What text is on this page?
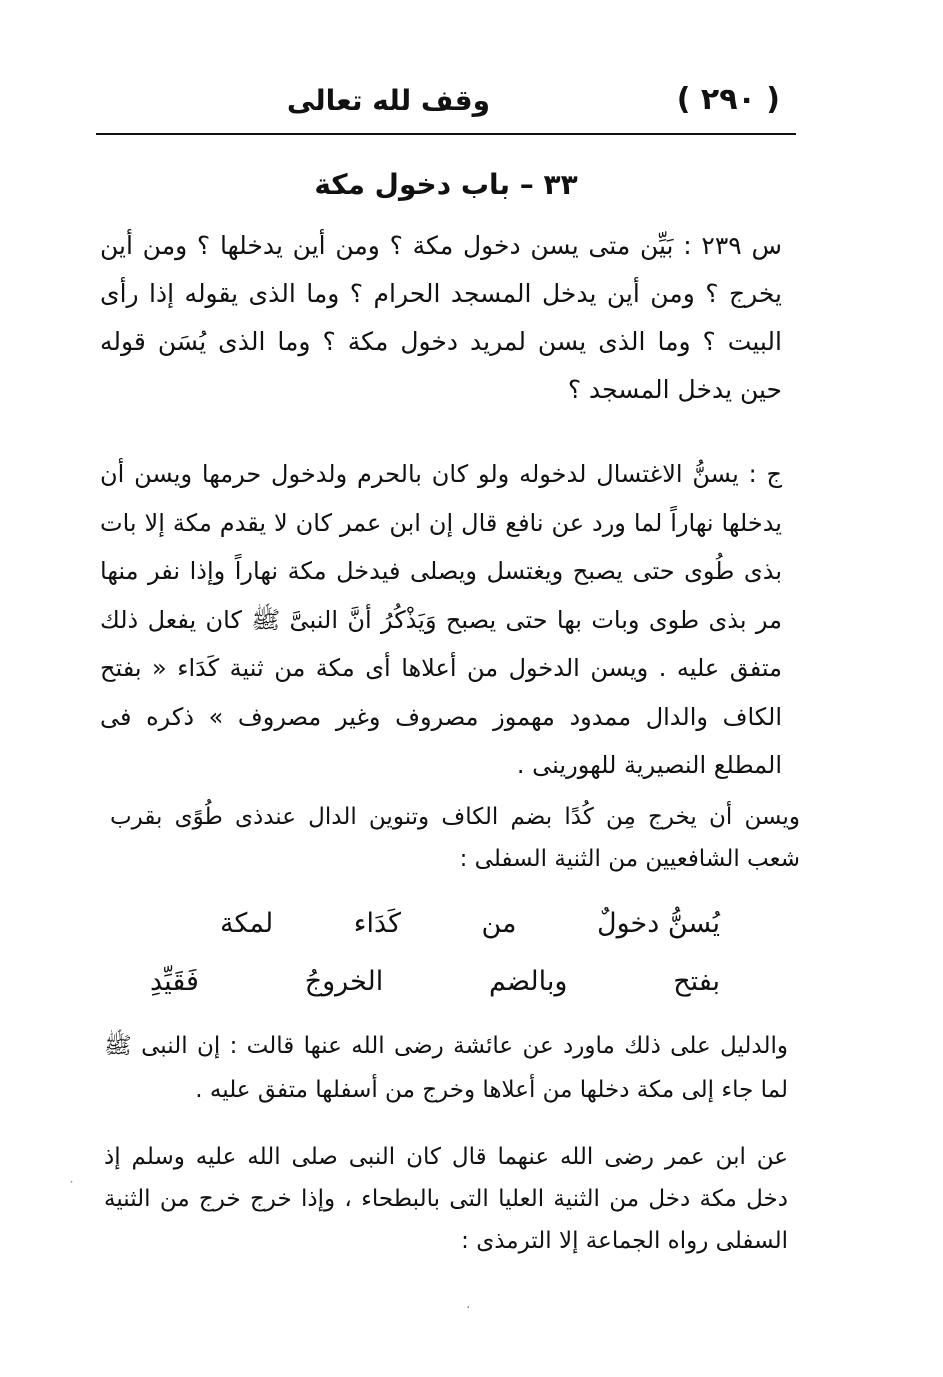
( ٢٩٠ )
وقف لله تعالى
٣٣ – باب دخول مكة
س ٢٣٩ : بَيِّن متى يسن دخول مكة ؟ ومن أين يدخلها ؟ ومن أين يخرج ؟ ومن أين يدخل المسجد الحرام ؟ وما الذى يقوله إذا رأى البيت ؟ وما الذى يسن لمريد دخول مكة ؟ وما الذى يُسَن قوله حين يدخل المسجد ؟
ج : يسنُّ الاغتسال لدخوله ولو كان بالحرم ولدخول حرمها ويسن أن يدخلها نهاراً لما ورد عن نافع قال إن ابن عمر كان لا يقدم مكة إلا بات بذى طُوى حتى يصبح ويغتسل ويصلى فيدخل مكة نهاراً وإذا نفر منها مر بذى طوى وبات بها حتى يصبح وَيَذْكُرُ أنَّ النبىَّ ﷺ كان يفعل ذلك متفق عليه . ويسن الدخول من أعلاها أى مكة من ثنية كَدَاء « بفتح الكاف والدال ممدود مهموز مصروف وغير مصروف » ذكره فى المطلع النصيرية للهورينى .
ويسن أن يخرج مِن كُدًا بضم الكاف وتنوين الدال عندذى طُوًى بقرب شعب الشافعيين من الثنية السفلى :
يُسنُّ دخولٌ
من
كَدَاء
لمكة
بفتح
وبالضم
الخروجُ
فَقَيِّدِ
والدليل على ذلك ماورد عن عائشة رضى الله عنها قالت : إن النبى ﷺ لما جاء إلى مكة دخلها من أعلاها وخرج من أسفلها متفق عليه .
عن ابن عمر رضى الله عنهما قال كان النبى صلى الله عليه وسلم إذ دخل مكة دخل من الثنية العليا التى بالبطحاء ، وإذا خرج خرج من الثنية السفلى رواه الجماعة إلا الترمذى :
˙
·
